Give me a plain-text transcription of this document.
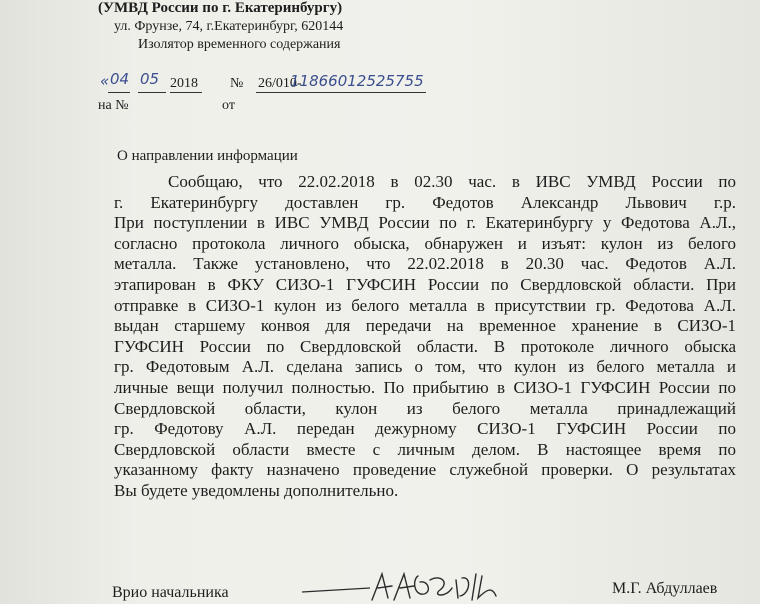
(УМВД России по г. Екатеринбургу)
ул. Фрунзе, 74, г.Екатеринбург, 620144
Изолятор временного содержания
« 04 05 2018 № 26/010-
11866012525755
на №	от
О направлении информации
Сообщаю, что 22.02.2018 в 02.30 час. в ИВС УМВД России по
г. Екатеринбургу доставлен гр. Федотов Александр Львович г.р.
При поступлении в ИВС УМВД России по г. Екатеринбургу у Федотова А.Л.,
согласно протокола личного обыска, обнаружен и изъят: кулон из белого
металла. Также установлено, что 22.02.2018 в 20.30 час. Федотов А.Л.
этапирован в ФКУ СИЗО-1 ГУФСИН России по Свердловской области. При
отправке в СИЗО-1 кулон из белого металла в присутствии гр. Федотова А.Л.
выдан старшему конвоя для передачи на временное хранение в СИЗО-1
ГУФСИН России по Свердловской области. В протоколе личного обыска
гр. Федотовым А.Л. сделана запись о том, что кулон из белого металла и
личные вещи получил полностью. По прибытию в СИЗО-1 ГУФСИН России по
Свердловской области, кулон из белого металла принадлежащий
гр. Федотову А.Л. передан дежурному СИЗО-1 ГУФСИН России по
Свердловской области вместе с личным делом. В настоящее время по
указанному факту назначено проведение служебной проверки. О результатах
Вы будете уведомлены дополнительно.
Врио начальника	М.Г. Абдуллаев
